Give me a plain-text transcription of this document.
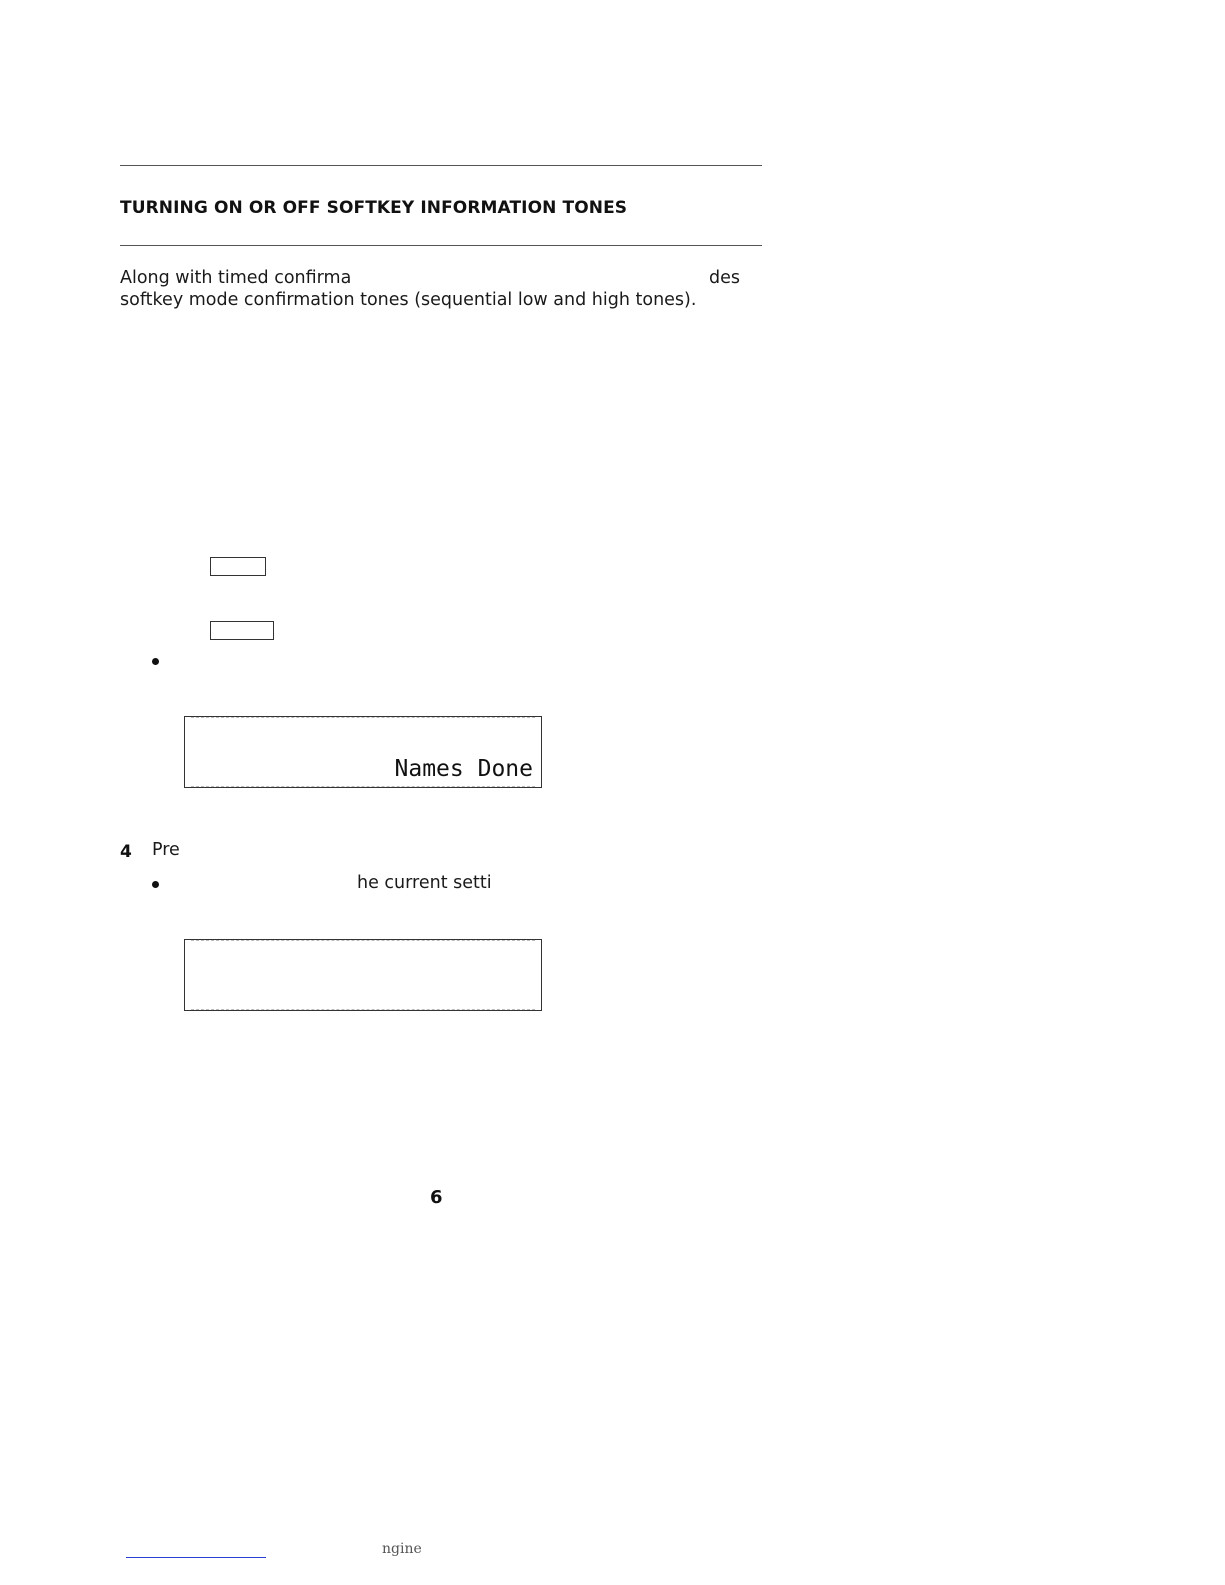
TURNING ON OR OFF SOFTKEY INFORMATION TONES
Along with timed confirma	des
softkey mode confirmation tones (sequential low and high tones).
Names Done
4 Pre
he current setti
6
ngine
